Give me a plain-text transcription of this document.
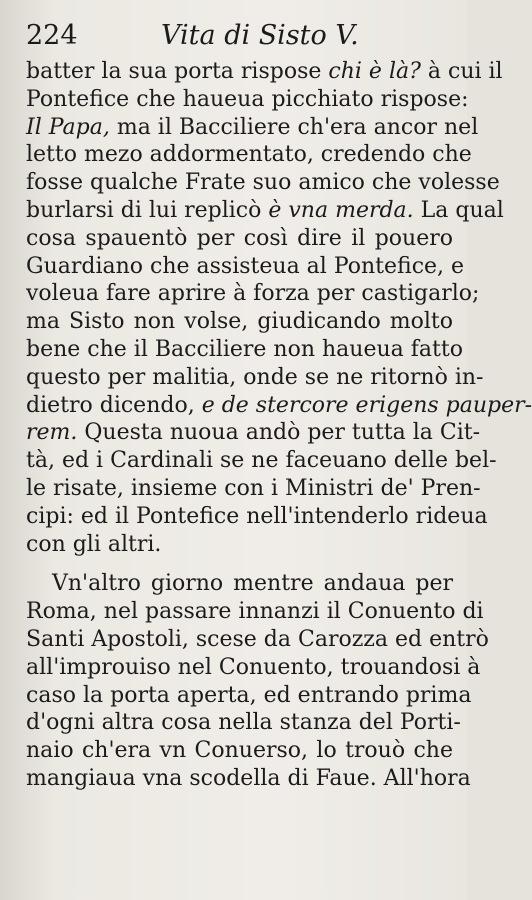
224	Vita di Sisto V.
batter la sua porta rispose chi è là? à cui il
Pontefice che haueua picchiato rispose:
Il Papa, ma il Bacciliere ch'era ancor nel
letto mezo addormentato, credendo che
fosse qualche Frate suo amico che volesse
burlarsi di lui replicò è vna merda. La qual
cosa spauentò per così dire il pouero
Guardiano che assisteua al Pontefice, e
voleua fare aprire à forza per castigarlo;
ma Sisto non volse, giudicando molto
bene che il Bacciliere non haueua fatto
questo per malitia, onde se ne ritornò in-
dietro dicendo, e de stercore erigens pauper-
rem. Questa nuoua andò per tutta la Cit-
tà, ed i Cardinali se ne faceuano delle bel-
le risate, insieme con i Ministri de' Pren-
cipi: ed il Pontefice nell'intenderlo rideua
con gli altri.
Vn'altro giorno mentre andaua per
Roma, nel passare innanzi il Conuento di
Santi Apostoli, scese da Carozza ed entrò
all'improuiso nel Conuento, trouandosi à
caso la porta aperta, ed entrando prima
d'ogni altra cosa nella stanza del Porti-
naio ch'era vn Conuerso, lo trouò che
mangiaua vna scodella di Faue. All'hora
